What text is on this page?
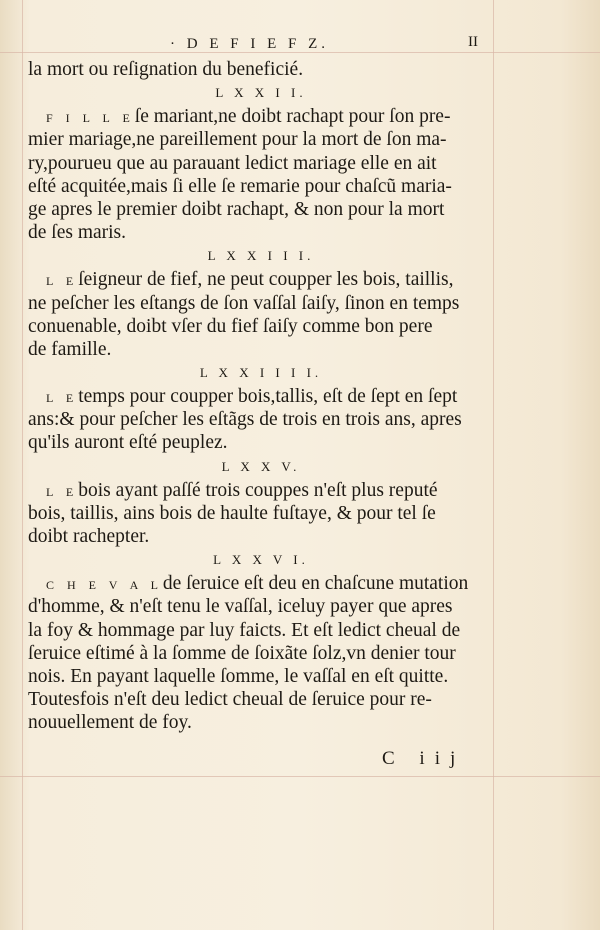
· D E F I E F Z.	II
la mort ou reſignation du beneficié.
L X X I I.
F I L L Eſe mariant,ne doibt rachapt pour ſon pre-
mier mariage,ne pareillement pour la mort de ſon ma-
ry,pourueu que au parauant ledict mariage elle en ait
eſté acquitée,mais ſi elle ſe remarie pour chaſcũ maria-
ge apres le premier doibt rachapt, & non pour la mort
de ſes maris.
L X X I I I.
L Eſeigneur de fief, ne peut coupper les bois, taillis,
ne peſcher les eſtangs de ſon vaſſal ſaiſy, ſinon en temps
conuenable, doibt vſer du fief ſaiſy comme bon pere
de famille.
L X X I I I I.
L Etemps pour coupper bois,tallis, eſt de ſept en ſept
ans:& pour peſcher les eſtãgs de trois en trois ans, apres
qu'ils auront eſté peuplez.
L X X V.
L Ebois ayant paſſé trois couppes n'eſt plus reputé
bois, taillis, ains bois de haulte fuſtaye, & pour tel ſe
doibt rachepter.
L X X V I.
C H E V A Lde ſeruice eſt deu en chaſcune mutation
d'homme, & n'eſt tenu le vaſſal, iceluy payer que apres
la foy & hommage par luy faicts. Et eſt ledict cheual de
ſeruice eſtimé à la ſomme de ſoixãte ſolz,vn denier tour
nois. En payant laquelle ſomme, le vaſſal en eſt quitte.
Toutesfois n'eſt deu ledict cheual de ſeruice pour re-
nouuellement de foy.
C iij
